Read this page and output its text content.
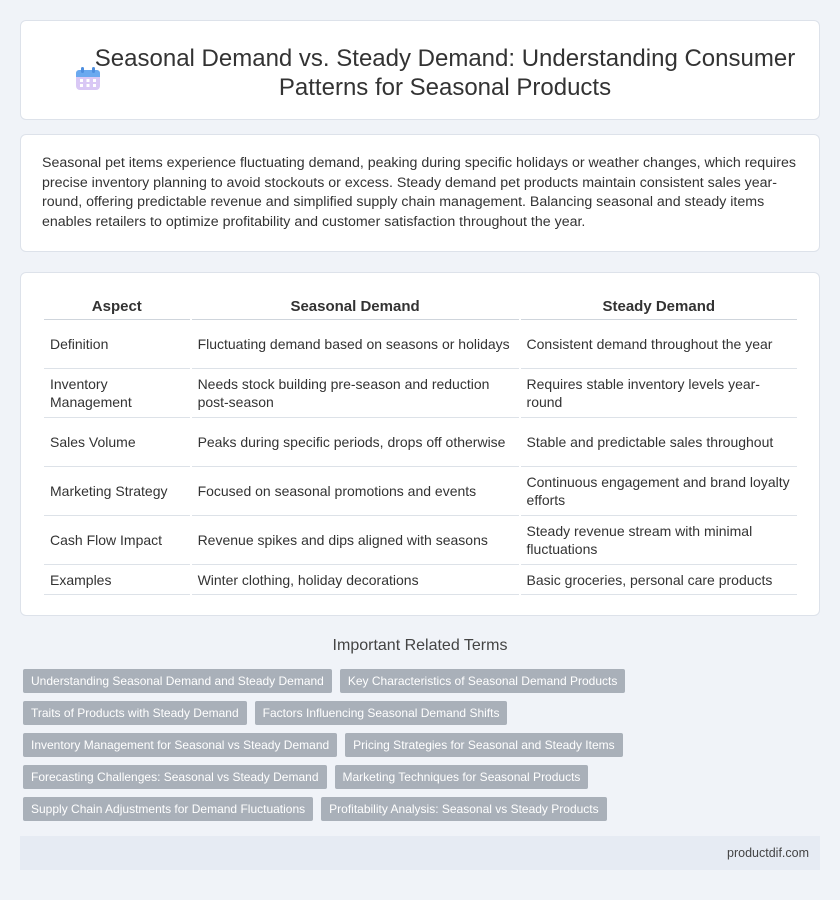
Seasonal Demand vs. Steady Demand: Understanding Consumer Patterns for Seasonal Products

Seasonal pet items experience fluctuating demand, peaking during specific holidays or weather changes, which requires precise inventory planning to avoid stockouts or excess. Steady demand pet products maintain consistent sales year-round, offering predictable revenue and simplified supply chain management. Balancing seasonal and steady items enables retailers to optimize profitability and customer satisfaction throughout the year.

Aspect	Seasonal Demand	Steady Demand
Definition	Fluctuating demand based on seasons or holidays	Consistent demand throughout the year
Inventory Management	Needs stock building pre-season and reduction post-season	Requires stable inventory levels year-round
Sales Volume	Peaks during specific periods, drops off otherwise	Stable and predictable sales throughout
Marketing Strategy	Focused on seasonal promotions and events	Continuous engagement and brand loyalty efforts
Cash Flow Impact	Revenue spikes and dips aligned with seasons	Steady revenue stream with minimal fluctuations
Examples	Winter clothing, holiday decorations	Basic groceries, personal care products
Important Related Terms
Understanding Seasonal Demand and Steady Demand	Key Characteristics of Seasonal Demand Products
Traits of Products with Steady Demand	Factors Influencing Seasonal Demand Shifts
Inventory Management for Seasonal vs Steady Demand	Pricing Strategies for Seasonal and Steady Items
Forecasting Challenges: Seasonal vs Steady Demand	Marketing Techniques for Seasonal Products
Supply Chain Adjustments for Demand Fluctuations	Profitability Analysis: Seasonal vs Steady Products
productdif.com
